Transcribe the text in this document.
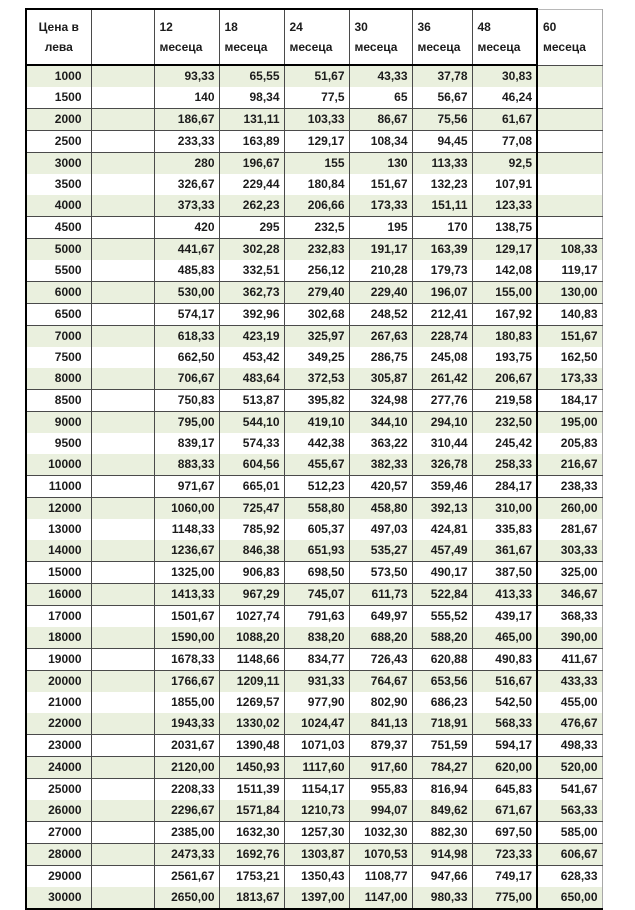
Цена в лева		12 месеца	18 месеца	24 месеца	30 месеца	36 месеца	48 месеца	60 месеца
1000		93,33	65,55	51,67	43,33	37,78	30,83	
1500		140	98,34	77,5	65	56,67	46,24	
2000		186,67	131,11	103,33	86,67	75,56	61,67	
2500		233,33	163,89	129,17	108,34	94,45	77,08	
3000		280	196,67	155	130	113,33	92,5	
3500		326,67	229,44	180,84	151,67	132,23	107,91	
4000		373,33	262,23	206,66	173,33	151,11	123,33	
4500		420	295	232,5	195	170	138,75	
5000		441,67	302,28	232,83	191,17	163,39	129,17	108,33
5500		485,83	332,51	256,12	210,28	179,73	142,08	119,17
6000		530,00	362,73	279,40	229,40	196,07	155,00	130,00
6500		574,17	392,96	302,68	248,52	212,41	167,92	140,83
7000		618,33	423,19	325,97	267,63	228,74	180,83	151,67
7500		662,50	453,42	349,25	286,75	245,08	193,75	162,50
8000		706,67	483,64	372,53	305,87	261,42	206,67	173,33
8500		750,83	513,87	395,82	324,98	277,76	219,58	184,17
9000		795,00	544,10	419,10	344,10	294,10	232,50	195,00
9500		839,17	574,33	442,38	363,22	310,44	245,42	205,83
10000		883,33	604,56	455,67	382,33	326,78	258,33	216,67
11000		971,67	665,01	512,23	420,57	359,46	284,17	238,33
12000		1060,00	725,47	558,80	458,80	392,13	310,00	260,00
13000		1148,33	785,92	605,37	497,03	424,81	335,83	281,67
14000		1236,67	846,38	651,93	535,27	457,49	361,67	303,33
15000		1325,00	906,83	698,50	573,50	490,17	387,50	325,00
16000		1413,33	967,29	745,07	611,73	522,84	413,33	346,67
17000		1501,67	1027,74	791,63	649,97	555,52	439,17	368,33
18000		1590,00	1088,20	838,20	688,20	588,20	465,00	390,00
19000		1678,33	1148,66	834,77	726,43	620,88	490,83	411,67
20000		1766,67	1209,11	931,33	764,67	653,56	516,67	433,33
21000		1855,00	1269,57	977,90	802,90	686,23	542,50	455,00
22000		1943,33	1330,02	1024,47	841,13	718,91	568,33	476,67
23000		2031,67	1390,48	1071,03	879,37	751,59	594,17	498,33
24000		2120,00	1450,93	1117,60	917,60	784,27	620,00	520,00
25000		2208,33	1511,39	1154,17	955,83	816,94	645,83	541,67
26000		2296,67	1571,84	1210,73	994,07	849,62	671,67	563,33
27000		2385,00	1632,30	1257,30	1032,30	882,30	697,50	585,00
28000		2473,33	1692,76	1303,87	1070,53	914,98	723,33	606,67
29000		2561,67	1753,21	1350,43	1108,77	947,66	749,17	628,33
30000		2650,00	1813,67	1397,00	1147,00	980,33	775,00	650,00
